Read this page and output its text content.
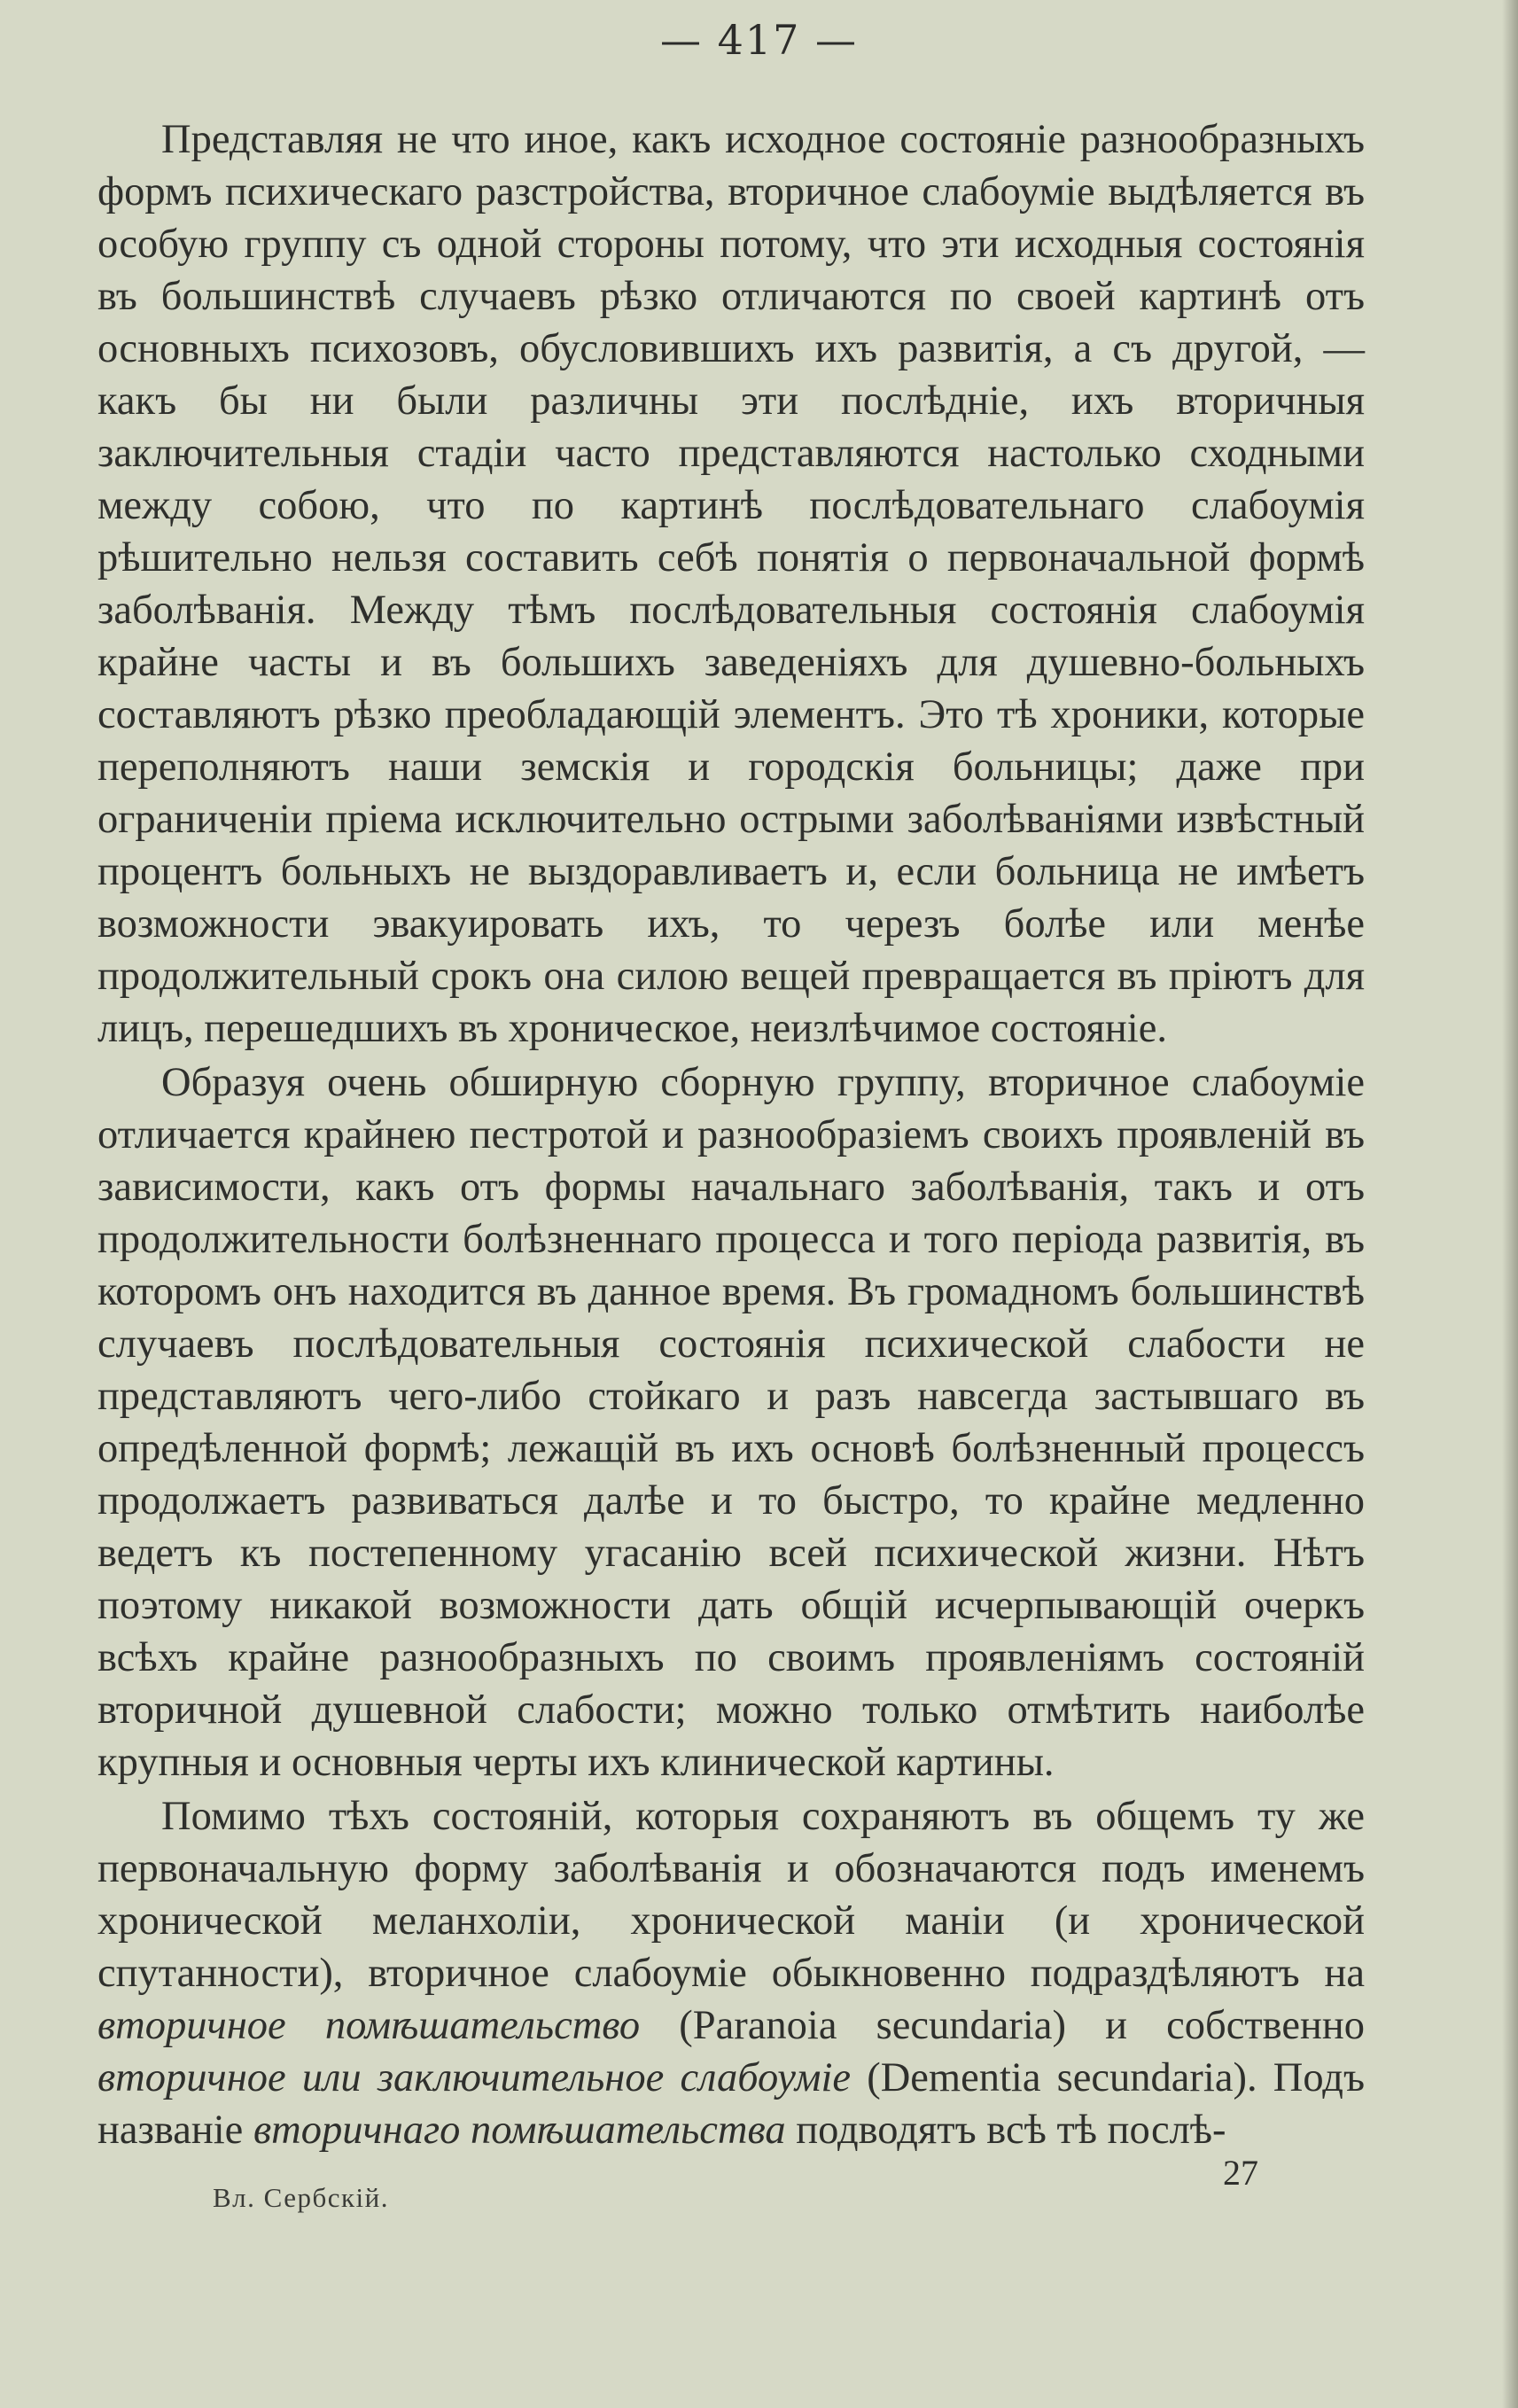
— 417 —

Представляя не что иное, какъ исходное состояніе разнообразныхъ формъ психическаго разстройства, вторичное слабоуміе выдѣляется въ особую группу съ одной стороны потому, что эти исходныя состоянія въ большинствѣ случаевъ рѣзко отличаются по своей картинѣ отъ основныхъ психозовъ, обусловившихъ ихъ развитія, а съ другой, — какъ бы ни были различны эти послѣдніе, ихъ вторичныя заключительныя стадіи часто представляются настолько сходными между собою, что по картинѣ послѣдовательнаго слабоумія рѣшительно нельзя составить себѣ понятія о первоначальной формѣ заболѣванія. Между тѣмъ послѣдовательныя состоянія слабоумія крайне часты и въ большихъ заведеніяхъ для душевно-больныхъ составляютъ рѣзко преобладающій элементъ. Это тѣ хроники, которые переполняютъ наши земскія и городскія больницы; даже при ограниченіи пріема исключительно острыми заболѣваніями извѣстный процентъ больныхъ не выздоравливаетъ и, если больница не имѣетъ возможности эвакуировать ихъ, то черезъ болѣе или менѣе продолжительный срокъ она силою вещей превращается въ пріютъ для лицъ, перешедшихъ въ хроническое, неизлѣчимое состояніе.

Образуя очень обширную сборную группу, вторичное слабоуміе отличается крайнею пестротой и разнообразіемъ своихъ проявленій въ зависимости, какъ отъ формы начальнаго заболѣванія, такъ и отъ продолжительности болѣзненнаго процесса и того періода развитія, въ которомъ онъ находится въ данное время. Въ громадномъ большинствѣ случаевъ послѣдовательныя состоянія психической слабости не представляютъ чего-либо стойкаго и разъ навсегда застывшаго въ опредѣленной формѣ; лежащій въ ихъ основѣ болѣзненный процессъ продолжаетъ развиваться далѣе и то быстро, то крайне медленно ведетъ къ постепенному угасанію всей психической жизни. Нѣтъ поэтому никакой возможности дать общій исчерпывающій очеркъ всѣхъ крайне разнообразныхъ по своимъ проявленіямъ состояній вторичной душевной слабости; можно только отмѣтить наиболѣе крупныя и основныя черты ихъ клинической картины.

Помимо тѣхъ состояній, которыя сохраняютъ въ общемъ ту же первоначальную форму заболѣванія и обозначаются подъ именемъ хронической меланхоліи, хронической маніи (и хронической спутанности), вторичное слабоуміе обыкновенно подраздѣляютъ на вторичное помѣшательство (Paranoia secundaria) и собственно вторичное или заключительное слабоуміе (Dementia secundaria). Подъ названіе вторичнаго помѣшательства подводятъ всѣ тѣ послѣ-

Вл. Сербскій.
27
